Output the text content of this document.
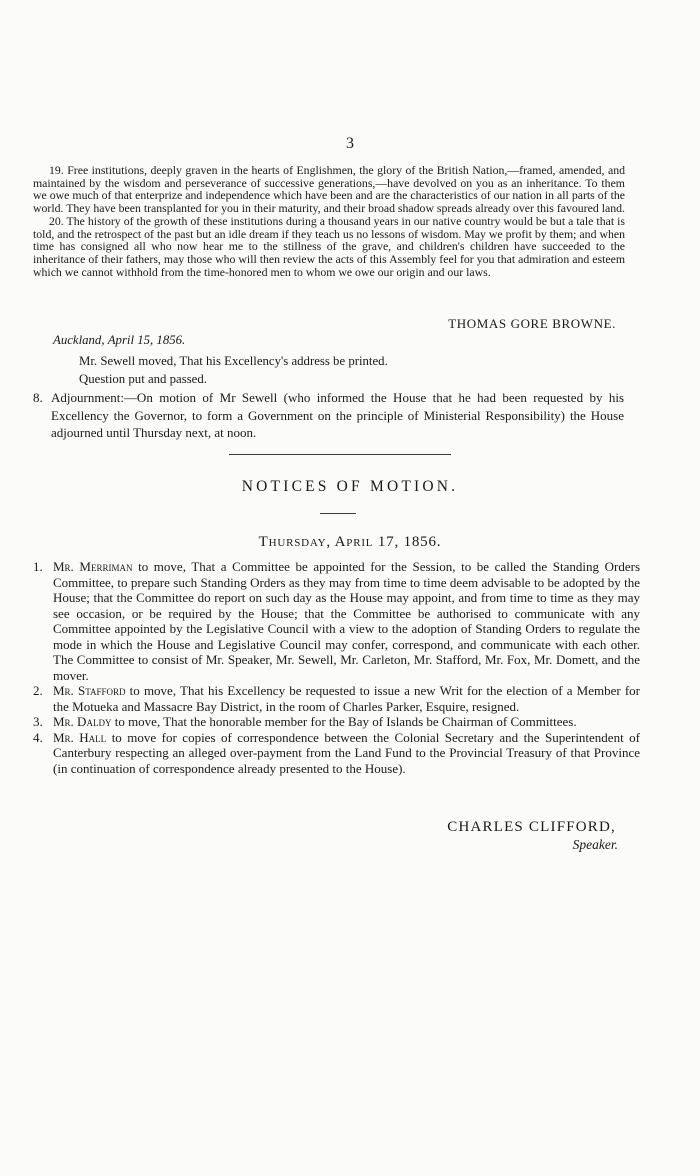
3

19. Free institutions, deeply graven in the hearts of Englishmen, the glory of the British Nation,—framed, amended, and maintained by the wisdom and perseverance of successive generations,—have devolved on you as an inheritance. To them we owe much of that enterprize and independence which have been and are the characteristics of our nation in all parts of the world. They have been transplanted for you in their maturity, and their broad shadow spreads already over this favoured land.

20. The history of the growth of these institutions during a thousand years in our native country would be but a tale that is told, and the retrospect of the past but an idle dream if they teach us no lessons of wisdom. May we profit by them; and when time has consigned all who now hear me to the stillness of the grave, and children's children have succeeded to the inheritance of their fathers, may those who will then review the acts of this Assembly feel for you that admiration and esteem which we cannot withhold from the time-honored men to whom we owe our origin and our laws.

THOMAS GORE BROWNE.
Auckland, April 15, 1856.
Mr. Sewell moved, That his Excellency's address be printed.
Question put and passed.
8. Adjournment:—On motion of Mr Sewell (who informed the House that he had been requested by his Excellency the Governor, to form a Government on the principle of Ministerial Responsibility) the House adjourned until Thursday next, at noon.
NOTICES OF MOTION.
Thursday, April 17, 1856.

1. Mr. Merriman to move, That a Committee be appointed for the Session, to be called the Standing Orders Committee, to prepare such Standing Orders as they may from time to time deem advisable to be adopted by the House; that the Committee do report on such day as the House may appoint, and from time to time as they may see occasion, or be required by the House; that the Committee be authorised to communicate with any Committee appointed by the Legislative Council with a view to the adoption of Standing Orders to regulate the mode in which the House and Legislative Council may confer, correspond, and communicate with each other. The Committee to consist of Mr. Speaker, Mr. Sewell, Mr. Carleton, Mr. Stafford, Mr. Fox, Mr. Domett, and the mover.

2. Mr. Stafford to move, That his Excellency be requested to issue a new Writ for the election of a Member for the Motueka and Massacre Bay District, in the room of Charles Parker, Esquire, resigned.

3. Mr. Daldy to move, That the honorable member for the Bay of Islands be Chairman of Committees.

4. Mr. Hall to move for copies of correspondence between the Colonial Secretary and the Superintendent of Canterbury respecting an alleged over-payment from the Land Fund to the Provincial Treasury of that Province (in continuation of correspondence already presented to the House).

CHARLES CLIFFORD,
Speaker.
